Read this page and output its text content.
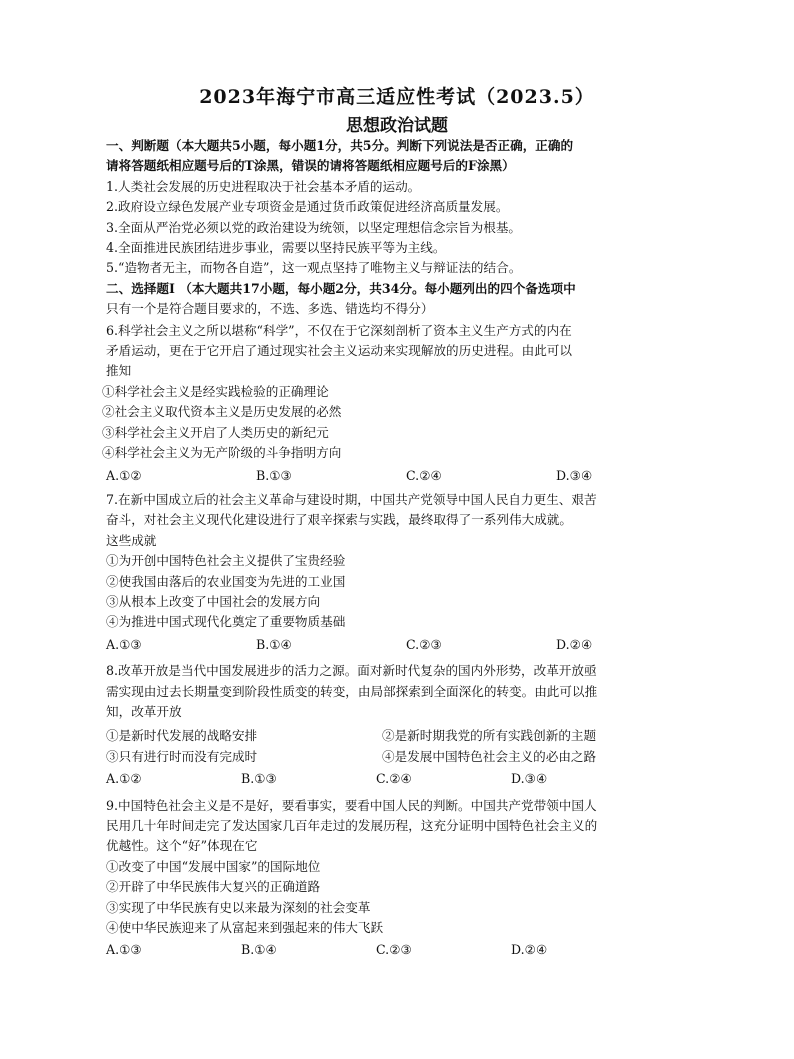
2023年海宁市高三适应性考试（2023.5）
思想政治试题
一、判断题（本大题共5小题，每小题1分，共5分。判断下列说法是否正确，正确的
请将答题纸相应题号后的T涂黑，错误的请将答题纸相应题号后的F涂黑）
1.人类社会发展的历史进程取决于社会基本矛盾的运动。
2.政府设立绿色发展产业专项资金是通过货币政策促进经济高质量发展。
3.全面从严治党必须以党的政治建设为统领，以坚定理想信念宗旨为根基。
4.全面推进民族团结进步事业，需要以坚持民族平等为主线。
5.“造物者无主，而物各自造”，这一观点坚持了唯物主义与辩证法的结合。
二、选择题Ⅰ （本大题共17小题，每小题2分，共34分。每小题列出的四个备选项中
只有一个是符合题目要求的，不选、多选、错选均不得分）
6.科学社会主义之所以堪称“科学”，不仅在于它深刻剖析了资本主义生产方式的内在
矛盾运动，更在于它开启了通过现实社会主义运动来实现解放的历史进程。由此可以
推知
①科学社会主义是经实践检验的正确理论
②社会主义取代资本主义是历史发展的必然
③科学社会主义开启了人类历史的新纪元
④科学社会主义为无产阶级的斗争指明方向
A.①②	B.①③	C.②④	D.③④
7.在新中国成立后的社会主义革命与建设时期，中国共产党领导中国人民自力更生、艰苦
奋斗，对社会主义现代化建设进行了艰辛探索与实践，最终取得了一系列伟大成就。
这些成就
①为开创中国特色社会主义提供了宝贵经验
②使我国由落后的农业国变为先进的工业国
③从根本上改变了中国社会的发展方向
④为推进中国式现代化奠定了重要物质基础
A.①③	B.①④	C.②③	D.②④
8.改革开放是当代中国发展进步的活力之源。面对新时代复杂的国内外形势，改革开放亟
需实现由过去长期量变到阶段性质变的转变，由局部探索到全面深化的转变。由此可以推
知，改革开放
①是新时代发展的战略安排	②是新时期我党的所有实践创新的主题
③只有进行时而没有完成时	④是发展中国特色社会主义的必由之路
A.①②	B.①③	C.②④	D.③④
9.中国特色社会主义是不是好，要看事实，要看中国人民的判断。中国共产党带领中国人
民用几十年时间走完了发达国家几百年走过的发展历程，这充分证明中国特色社会主义的
优越性。这个“好”体现在它
①改变了中国“发展中国家”的国际地位
②开辟了中华民族伟大复兴的正确道路
③实现了中华民族有史以来最为深刻的社会变革
④使中华民族迎来了从富起来到强起来的伟大飞跃
A.①③	B.①④	C.②③	D.②④
